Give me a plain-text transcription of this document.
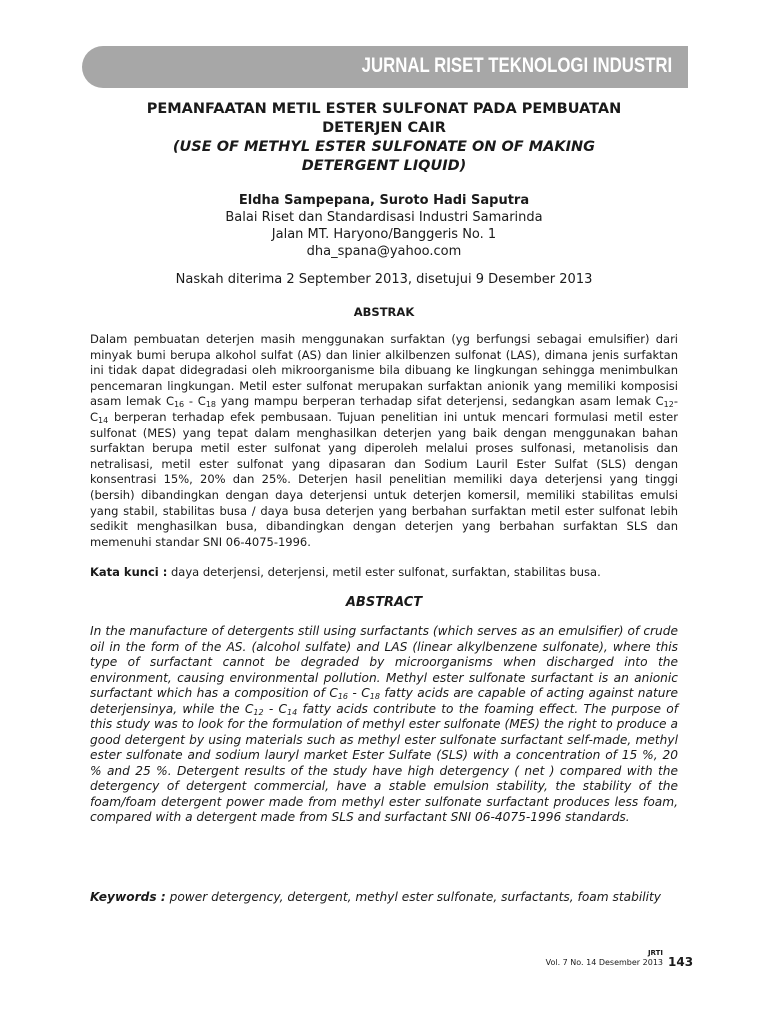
JURNAL RISET TEKNOLOGI INDUSTRI

PEMANFAATAN METIL ESTER SULFONAT PADA PEMBUATAN

DETERJEN CAIR

(USE OF METHYL ESTER SULFONATE ON OF MAKING

DETERGENT LIQUID)

Eldha Sampepana, Suroto Hadi Saputra
Balai Riset dan Standardisasi Industri Samarinda
Jalan MT. Haryono/Banggeris No. 1
dha_spana@yahoo.com
Naskah diterima 2 September 2013, disetujui 9 Desember 2013
ABSTRAK
Dalam pembuatan deterjen masih menggunakan surfaktan (yg berfungsi sebagai emulsifier) dari minyak bumi berupa alkohol sulfat (AS) dan linier alkilbenzen sulfonat (LAS), dimana jenis surfaktan ini tidak dapat didegradasi oleh mikroorganisme bila dibuang ke lingkungan sehingga menimbulkan pencemaran lingkungan. Metil ester sulfonat merupakan surfaktan anionik yang memiliki komposisi asam lemak $C_{16} - C_{18}$ yang mampu berperan terhadap sifat deterjensi, sedangkan asam lemak $C_{12}-$ $C_{14}$ berperan terhadap efek pembusaan. Tujuan penelitian ini untuk mencari formulasi metil ester sulfonat (MES) yang tepat dalam menghasilkan deterjen yang baik dengan menggunakan bahan surfaktan berupa metil ester sulfonat yang diperoleh melalui proses sulfonasi, metanolisis dan netralisasi, metil ester sulfonat yang dipasaran dan Sodium Lauril Ester Sulfat (SLS) dengan konsentrasi 15%, 20% dan 25%. Deterjen hasil penelitian memiliki daya deterjensi yang tinggi (bersih) dibandingkan dengan daya deterjensi untuk deterjen komersil, memiliki stabilitas emulsi yang stabil, stabilitas busa / daya busa deterjen yang berbahan surfaktan metil ester sulfonat lebih sedikit menghasilkan busa, dibandingkan dengan deterjen yang berbahan surfaktan SLS dan memenuhi standar SNI 06-4075-1996.
Kata kunci : daya deterjensi, deterjensi, metil ester sulfonat, surfaktan, stabilitas busa.
ABSTRACT
In the manufacture of detergents still using surfactants (which serves as an emulsifier) of crude oil in the form of the AS. (alcohol sulfate) and LAS (linear alkylbenzene sulfonate), where this type of surfactant cannot be degraded by microorganisms when discharged into the environment, causing environmental pollution. Methyl ester sulfonate surfactant is an anionic surfactant which has a composition of $C_{16} - C_{18}$ fatty acids are capable of acting against nature deterjensinya, while the $C_{12} - C_{14}$ fatty acids contribute to the foaming effect. The purpose of this study was to look for the formulation of methyl ester sulfonate (MES) the right to produce a good detergent by using materials such as methyl ester sulfonate surfactant self-made, methyl ester sulfonate and sodium lauryl market Ester Sulfate (SLS) with a concentration of 15 %, 20 % and 25 %. Detergent results of the study have high detergency ( net ) compared with the detergency of detergent commercial, have a stable emulsion stability, the stability of the foam/foam detergent power made from methyl ester sulfonate surfactant produces less foam, compared with a detergent made from SLS and surfactant SNI 06-4075-1996 standards.
Keywords : power detergency, detergent, methyl ester sulfonate, surfactants, foam stability
JRTI
Vol. 7 No. 14 Desember 2013 143
